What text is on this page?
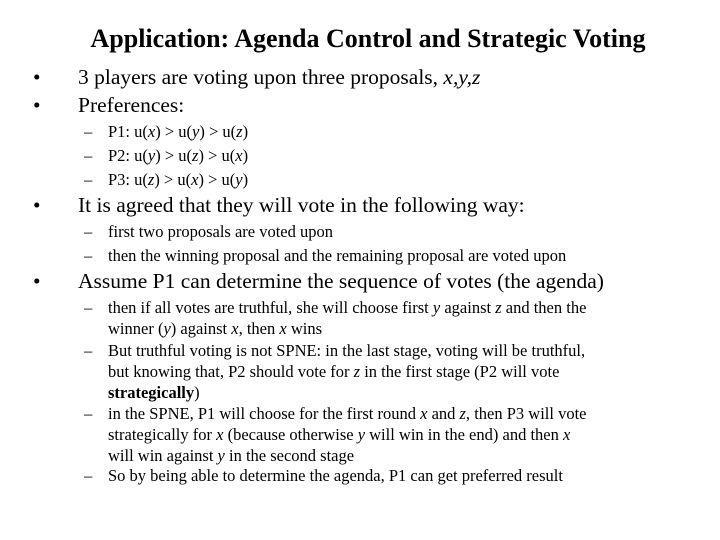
Application: Agenda Control and Strategic Voting
• 3 players are voting upon three proposals, x,y,z
• Preferences:
– P1: u(x) > u(y) > u(z)
– P2: u(y) > u(z) > u(x)
– P3: u(z) > u(x) > u(y)
• It is agreed that they will vote in the following way:
– first two proposals are voted upon
– then the winning proposal and the remaining proposal are voted upon
• Assume P1 can determine the sequence of votes (the agenda)
– then if all votes are truthful, she will choose first y against z and then the
winner (y) against x, then x wins
– But truthful voting is not SPNE: in the last stage, voting will be truthful,
but knowing that, P2 should vote for z in the first stage (P2 will vote
strategically)
– in the SPNE, P1 will choose for the first round x and z, then P3 will vote
strategically for x (because otherwise y will win in the end) and then x
will win against y in the second stage
– So by being able to determine the agenda, P1 can get preferred result
